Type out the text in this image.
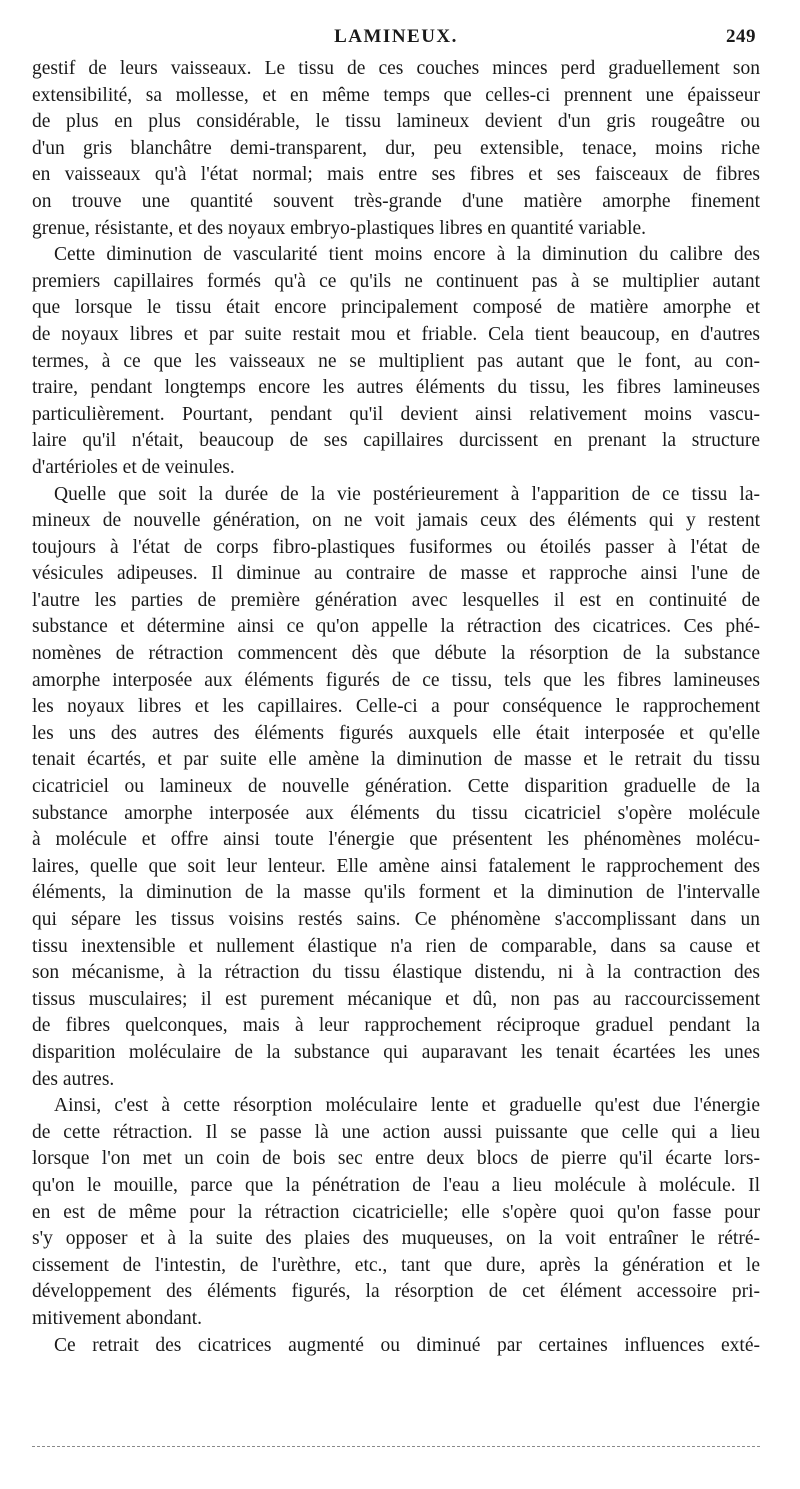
LAMINEUX.	249
gestif de leurs vaisseaux. Le tissu de ces couches minces perd graduellement son
extensibilité, sa mollesse, et en même temps que celles-ci prennent une épaisseur
de plus en plus considérable, le tissu lamineux devient d'un gris rougeâtre ou
d'un gris blanchâtre demi-transparent, dur, peu extensible, tenace, moins riche
en vaisseaux qu'à l'état normal; mais entre ses fibres et ses faisceaux de fibres
on trouve une quantité souvent très-grande d'une matière amorphe finement
grenue, résistante, et des noyaux embryo-plastiques libres en quantité variable.
Cette diminution de vascularité tient moins encore à la diminution du calibre des
premiers capillaires formés qu'à ce qu'ils ne continuent pas à se multiplier autant
que lorsque le tissu était encore principalement composé de matière amorphe et
de noyaux libres et par suite restait mou et friable. Cela tient beaucoup, en d'autres
termes, à ce que les vaisseaux ne se multiplient pas autant que le font, au con-
traire, pendant longtemps encore les autres éléments du tissu, les fibres lamineuses
particulièrement. Pourtant, pendant qu'il devient ainsi relativement moins vascu-
laire qu'il n'était, beaucoup de ses capillaires durcissent en prenant la structure
d'artérioles et de veinules.
Quelle que soit la durée de la vie postérieurement à l'apparition de ce tissu la-
mineux de nouvelle génération, on ne voit jamais ceux des éléments qui y restent
toujours à l'état de corps fibro-plastiques fusiformes ou étoilés passer à l'état de
vésicules adipeuses. Il diminue au contraire de masse et rapproche ainsi l'une de
l'autre les parties de première génération avec lesquelles il est en continuité de
substance et détermine ainsi ce qu'on appelle la rétraction des cicatrices. Ces phé-
nomènes de rétraction commencent dès que débute la résorption de la substance
amorphe interposée aux éléments figurés de ce tissu, tels que les fibres lamineuses
les noyaux libres et les capillaires. Celle-ci a pour conséquence le rapprochement
les uns des autres des éléments figurés auxquels elle était interposée et qu'elle
tenait écartés, et par suite elle amène la diminution de masse et le retrait du tissu
cicatriciel ou lamineux de nouvelle génération. Cette disparition graduelle de la
substance amorphe interposée aux éléments du tissu cicatriciel s'opère molécule
à molécule et offre ainsi toute l'énergie que présentent les phénomènes molécu-
laires, quelle que soit leur lenteur. Elle amène ainsi fatalement le rapprochement des
éléments, la diminution de la masse qu'ils forment et la diminution de l'intervalle
qui sépare les tissus voisins restés sains. Ce phénomène s'accomplissant dans un
tissu inextensible et nullement élastique n'a rien de comparable, dans sa cause et
son mécanisme, à la rétraction du tissu élastique distendu, ni à la contraction des
tissus musculaires; il est purement mécanique et dû, non pas au raccourcissement
de fibres quelconques, mais à leur rapprochement réciproque graduel pendant la
disparition moléculaire de la substance qui auparavant les tenait écartées les unes
des autres.
Ainsi, c'est à cette résorption moléculaire lente et graduelle qu'est due l'énergie
de cette rétraction. Il se passe là une action aussi puissante que celle qui a lieu
lorsque l'on met un coin de bois sec entre deux blocs de pierre qu'il écarte lors-
qu'on le mouille, parce que la pénétration de l'eau a lieu molécule à molécule. Il
en est de même pour la rétraction cicatricielle; elle s'opère quoi qu'on fasse pour
s'y opposer et à la suite des plaies des muqueuses, on la voit entraîner le rétré-
cissement de l'intestin, de l'urèthre, etc., tant que dure, après la génération et le
développement des éléments figurés, la résorption de cet élément accessoire pri-
mitivement abondant.
Ce retrait des cicatrices augmenté ou diminué par certaines influences exté-
